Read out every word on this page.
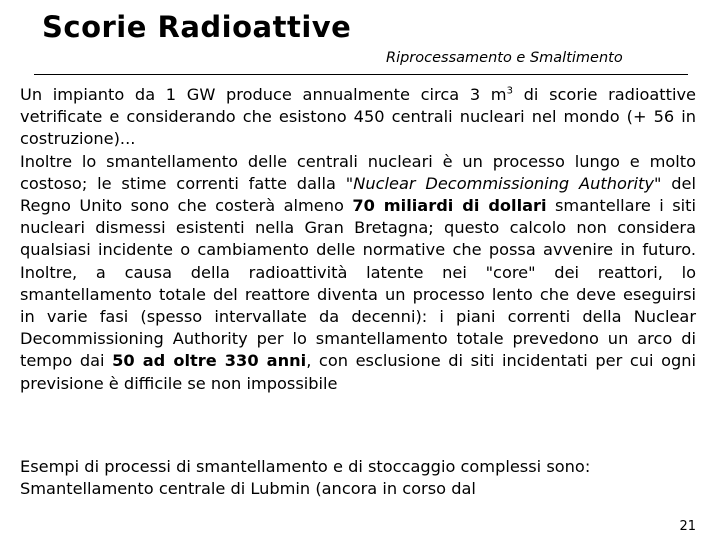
Scorie Radioattive
Riprocessamento e Smaltimento

Un impianto da 1 GW produce annualmente circa 3 $m^3$ di scorie radioattive vetrificate e considerando che esistono 450 centrali nucleari nel mondo (+ 56 in costruzione)...

Inoltre lo smantellamento delle centrali nucleari è un processo lungo e molto costoso; le stime correnti fatte dalla "Nuclear Decommissioning Authority" del Regno Unito sono che costerà almeno 70 miliardi di dollari smantellare i siti nucleari dismessi esistenti nella Gran Bretagna; questo calcolo non considera qualsiasi incidente o cambiamento delle normative che possa avvenire in futuro. Inoltre, a causa della radioattività latente nei "core" dei reattori, lo smantellamento totale del reattore diventa un processo lento che deve eseguirsi in varie fasi (spesso intervallate da decenni): i piani correnti della Nuclear Decommissioning Authority per lo smantellamento totale prevedono un arco di tempo dai 50 ad oltre 330 anni, con esclusione di siti incidentati per cui ogni previsione è difficile se non impossibile

Esempi di processi di smantellamento e di stoccaggio complessi sono:

Smantellamento centrale di Lubmin (ancora in corso dal

21
